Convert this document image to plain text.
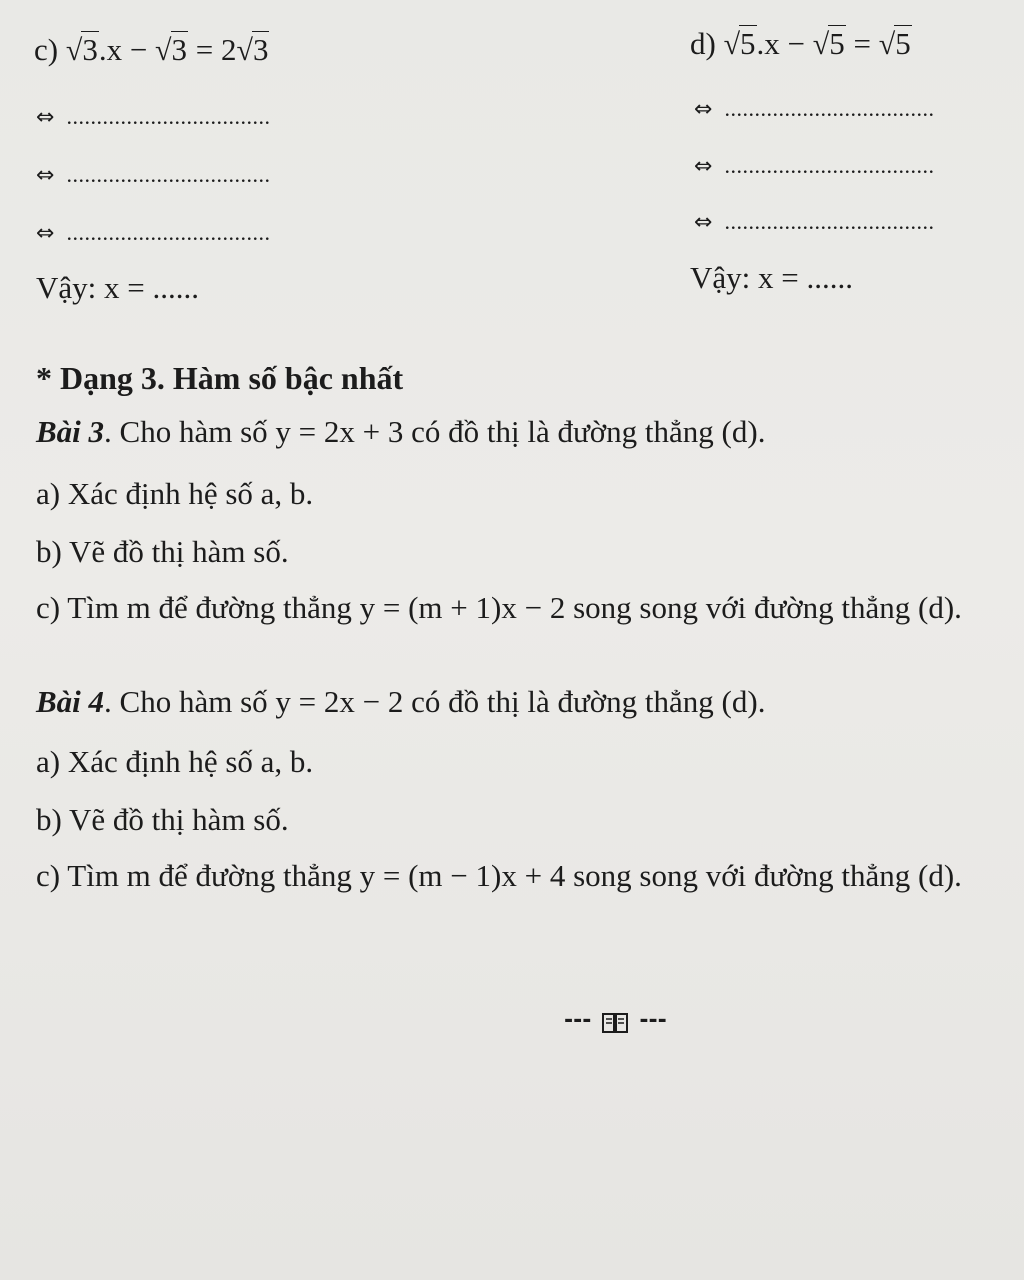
c) √3.x − √3 = 2√3	d) √5.x − √5 = √5
⇔ ..................................
⇔ ..................................
⇔ ..................................
Vậy: x = ......
⇔ ...................................
⇔ ...................................
⇔ ...................................
Vậy: x = ......
* Dạng 3. Hàm số bậc nhất
Bài 3. Cho hàm số y = 2x + 3 có đồ thị là đường thẳng (d).
a) Xác định hệ số a, b.
b) Vẽ đồ thị hàm số.
c) Tìm m để đường thẳng y = (m + 1)x − 2 song song với đường thẳng (d).
Bài 4. Cho hàm số y = 2x − 2 có đồ thị là đường thẳng (d).
a) Xác định hệ số a, b.
b) Vẽ đồ thị hàm số.
c) Tìm m để đường thẳng y = (m − 1)x + 4 song song với đường thẳng (d).
--- ---
